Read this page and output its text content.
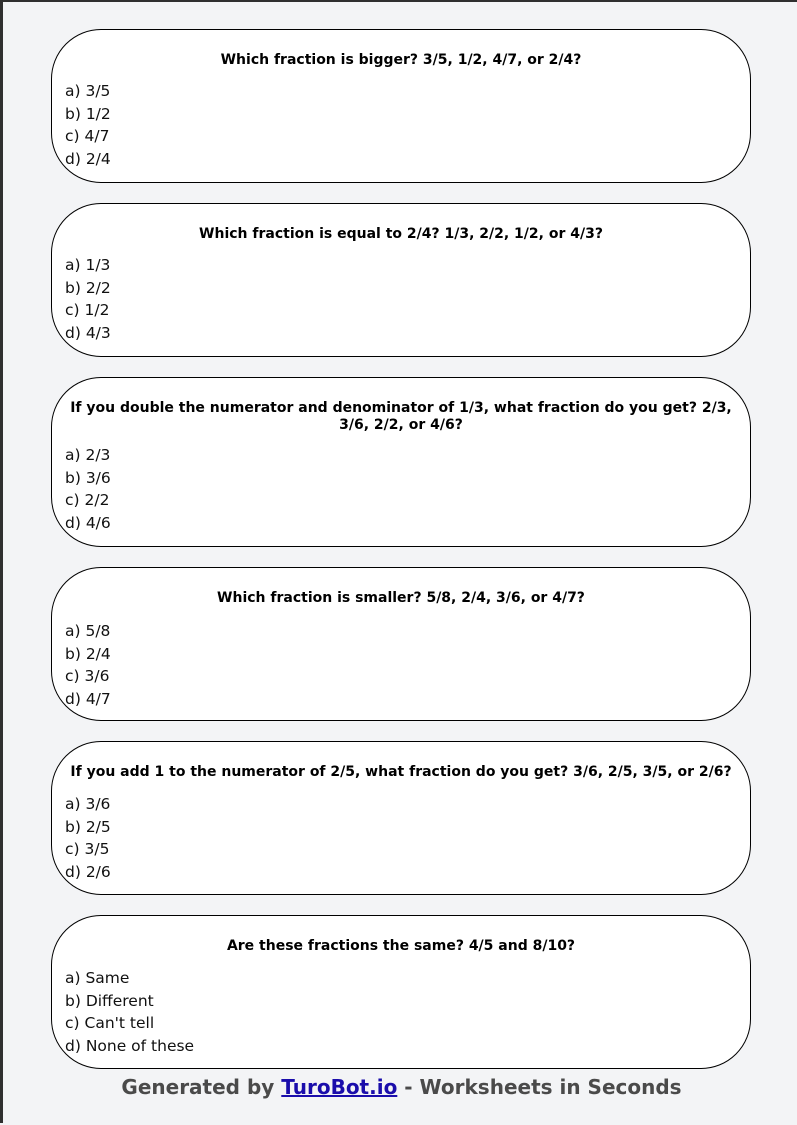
Which fraction is bigger? 3/5, 1/2, 4/7, or 2/4?

a) 3/5
b) 1/2
c) 4/7
d) 2/4

Which fraction is equal to 2/4? 1/3, 2/2, 1/2, or 4/3?

a) 1/3
b) 2/2
c) 1/2
d) 4/3

If you double the numerator and denominator of 1/3, what fraction do you get? 2/3, 3/6, 2/2, or 4/6?

a) 2/3
b) 3/6
c) 2/2
d) 4/6

Which fraction is smaller? 5/8, 2/4, 3/6, or 4/7?

a) 5/8
b) 2/4
c) 3/6
d) 4/7

If you add 1 to the numerator of 2/5, what fraction do you get? 3/6, 2/5, 3/5, or 2/6?

a) 3/6
b) 2/5
c) 3/5
d) 2/6

Are these fractions the same? 4/5 and 8/10?

a) Same
b) Different
c) Can't tell
d) None of these
Generated by TuroBot.io - Worksheets in Seconds
